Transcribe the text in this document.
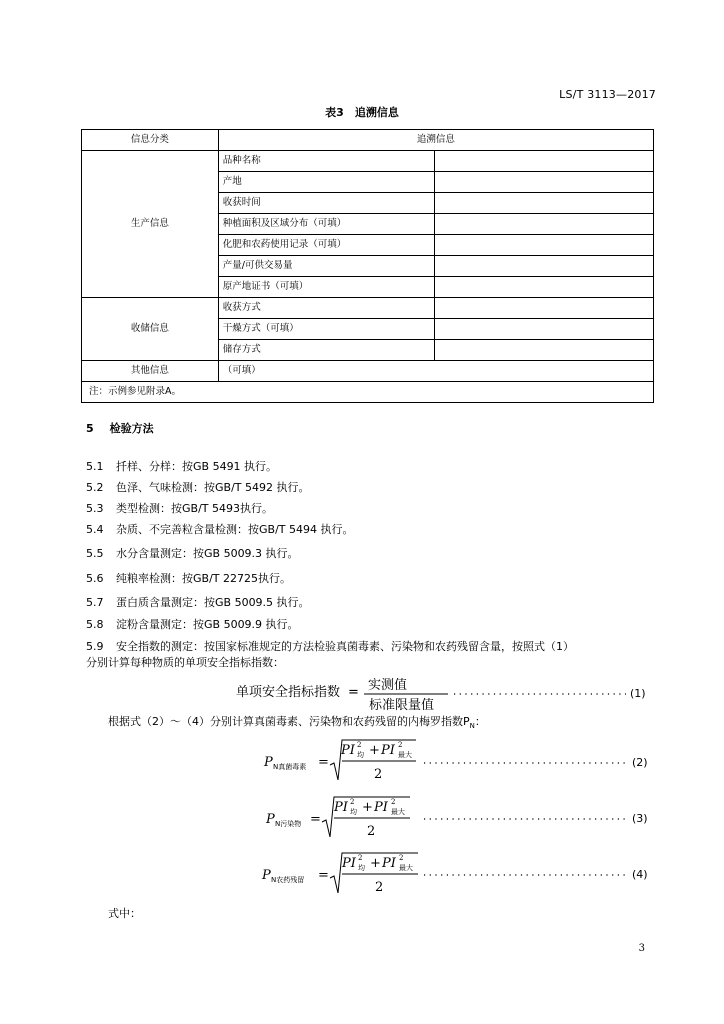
LS/T 3113—2017
表3　追溯信息
信息分类	追溯信息	
生产信息	品种名称	
	产地	
	收获时间	
	种植面积及区域分布（可填）	
	化肥和农药使用记录（可填）	
	产量/可供交易量	
	原产地证书（可填）	
收储信息	收获方式	
	干燥方式（可填）	
	储存方式	
其他信息	（可填）	
注：示例参见附录A。		
5 检验方法
5.1 扦样、分样：按GB 5491 执行。
5.2 色泽、气味检测：按GB/T 5492 执行。
5.3 类型检测：按GB/T 5493执行。
5.4 杂质、不完善粒含量检测：按GB/T 5494 执行。
5.5 水分含量测定：按GB 5009.3 执行。
5.6 纯粮率检测：按GB/T 22725执行。
5.7 蛋白质含量测定：按GB 5009.5 执行。
5.8 淀粉含量测定：按GB 5009.9 执行。
5.9 安全指数的测定：按国家标准规定的方法检验真菌毒素、污染物和农药残留含量，按照式（1）
分别计算每种物质的单项安全指标指数：
单项安全指标指数 = 实测值
标准限量值
(1)
根据式（2）～（4）分别计算真菌毒素、污染物和农药残留的内梅罗指数$P_N$：
P N真菌毒素 =
PI 2
均 + PI 2
最大
2
(2)
P N污染物 =
PI 2
均 + PI 2
最大
2
(3)
P N农药残留 =
PI 2
均 + PI 2
最大
2
(4)
式中：
3
